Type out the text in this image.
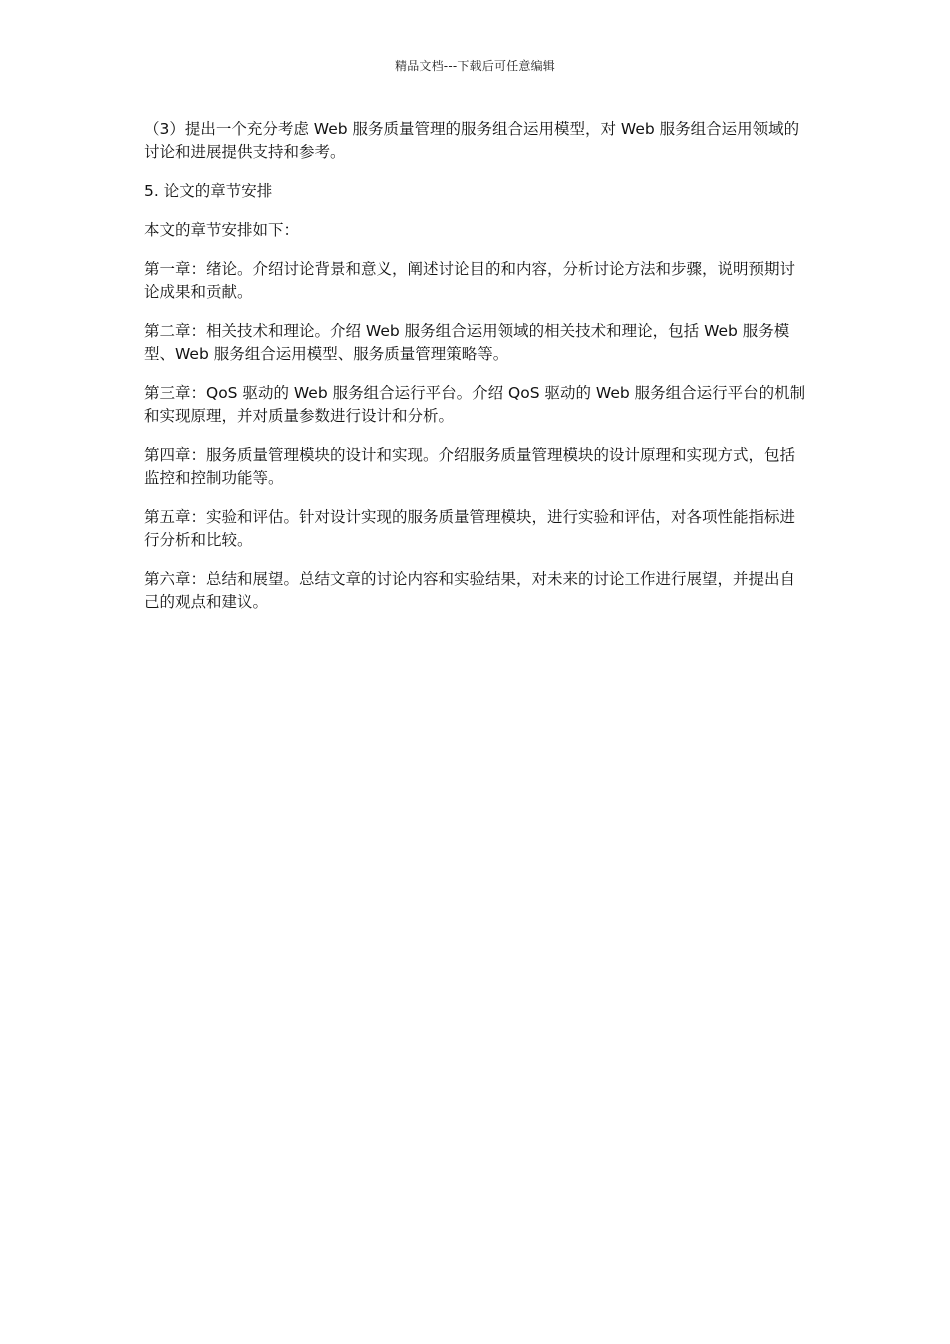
精品文档---下载后可任意编辑

（3）提出一个充分考虑 Web 服务质量管理的服务组合运用模型，对 Web 服务组合运用领域的讨论和进展提供支持和参考。

5. 论文的章节安排

本文的章节安排如下：

第一章：绪论。介绍讨论背景和意义，阐述讨论目的和内容，分析讨论方法和步骤，说明预期讨论成果和贡献。

第二章：相关技术和理论。介绍 Web 服务组合运用领域的相关技术和理论，包括 Web 服务模型、Web 服务组合运用模型、服务质量管理策略等。

第三章：QoS 驱动的 Web 服务组合运行平台。介绍 QoS 驱动的 Web 服务组合运行平台的机制和实现原理，并对质量参数进行设计和分析。

第四章：服务质量管理模块的设计和实现。介绍服务质量管理模块的设计原理和实现方式，包括监控和控制功能等。

第五章：实验和评估。针对设计实现的服务质量管理模块，进行实验和评估，对各项性能指标进行分析和比较。

第六章：总结和展望。总结文章的讨论内容和实验结果，对未来的讨论工作进行展望，并提出自己的观点和建议。
